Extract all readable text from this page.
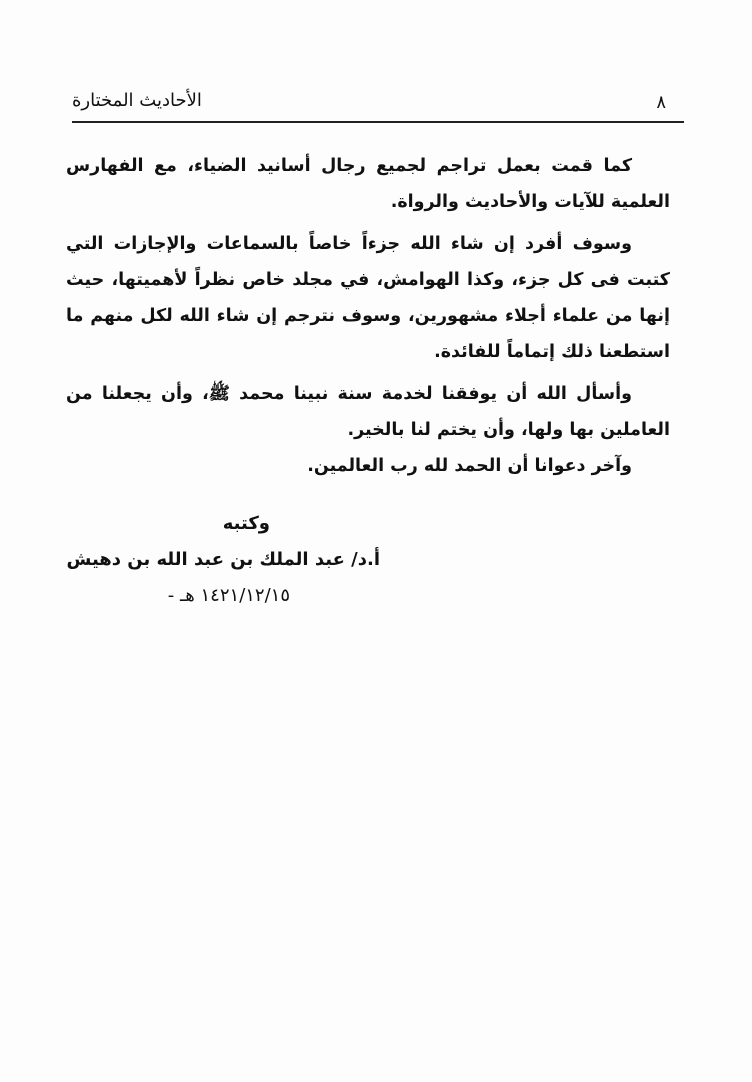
الأحاديث المختارة	٨

كما قمت بعمل تراجم لجميع رجال أسانيد الضياء، مع الفهارس العلمية للآيات والأحاديث والرواة.

وسوف أفرد إن شاء الله جزءاً خاصاً بالسماعات والإجازات التي كتبت فى كل جزء، وكذا الهوامش، في مجلد خاص نظراً لأهميتها، حيث إنها من علماء أجلاء مشهورين، وسوف نترجم إن شاء الله لكل منهم ما استطعنا ذلك إتماماً للفائدة.

وأسأل الله أن يوفقنا لخدمة سنة نبينا محمد ﷺ، وأن يجعلنا من العاملين بها ولها، وأن يختم لنا بالخير.

وآخر دعوانا أن الحمد لله رب العالمين.

وكتبه
أ.د/ عبد الملك بن عبد الله بن دهيش
١٤٢١/١٢/١٥ هـ -
